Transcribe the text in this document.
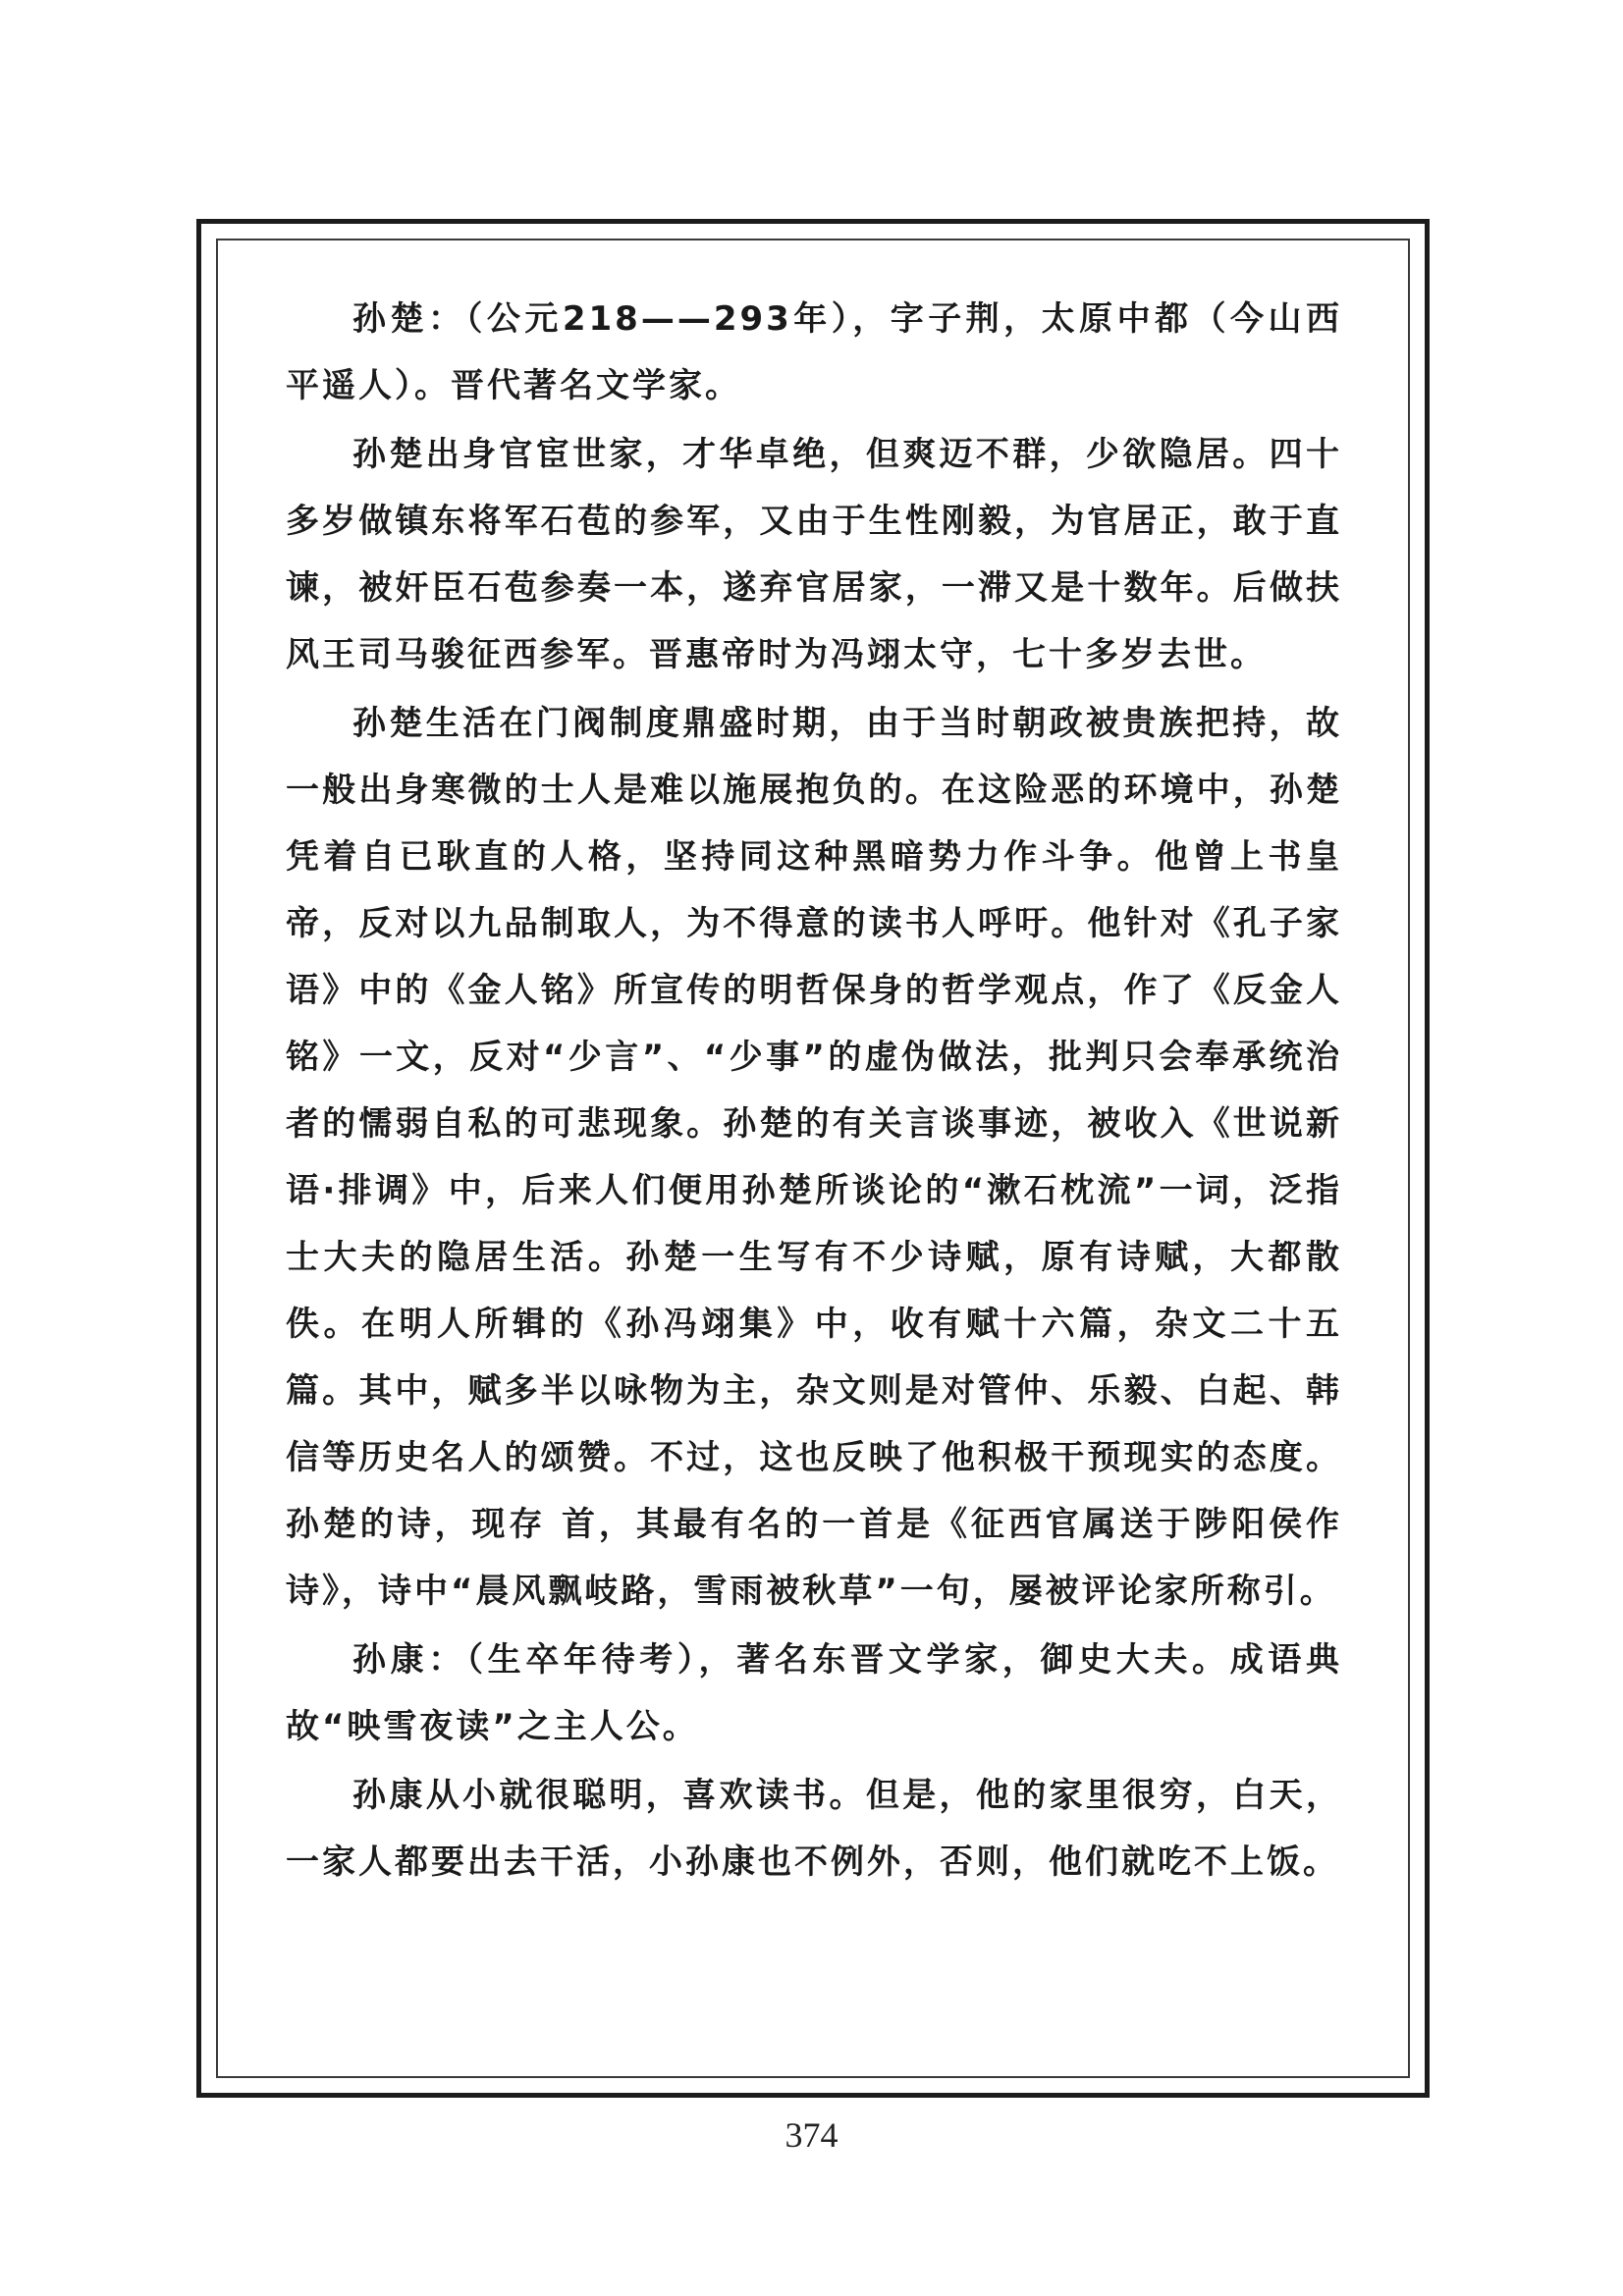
孙楚：（公元218——293年），字子荆，太原中都（今山西平遥人）。晋代著名文学家。

孙楚出身官宦世家，才华卓绝，但爽迈不群，少欲隐居。四十多岁做镇东将军石苞的参军，又由于生性刚毅，为官居正，敢于直谏，被奸臣石苞参奏一本，遂弃官居家，一滞又是十数年。后做扶风王司马骏征西参军。晋惠帝时为冯翊太守，七十多岁去世。

孙楚生活在门阀制度鼎盛时期，由于当时朝政被贵族把持，故一般出身寒微的士人是难以施展抱负的。在这险恶的环境中，孙楚凭着自已耿直的人格，坚持同这种黑暗势力作斗争。他曾上书皇帝，反对以九品制取人，为不得意的读书人呼吁。他针对《孔子家语》中的《金人铭》所宣传的明哲保身的哲学观点，作了《反金人铭》一文，反对“少言”、“少事”的虚伪做法，批判只会奉承统治者的懦弱自私的可悲现象。孙楚的有关言谈事迹，被收入《世说新语·排调》中，后来人们便用孙楚所谈论的“漱石枕流”一词，泛指士大夫的隐居生活。孙楚一生写有不少诗赋，原有诗赋，大都散佚。在明人所辑的《孙冯翊集》中，收有赋十六篇，杂文二十五篇。其中，赋多半以咏物为主，杂文则是对管仲、乐毅、白起、韩信等历史名人的颂赞。不过，这也反映了他积极干预现实的态度。孙楚的诗，现存 首，其最有名的一首是《征西官属送于陟阳侯作诗》，诗中“晨风飘岐路，雪雨被秋草”一句，屡被评论家所称引。

孙康：（生卒年待考），著名东晋文学家，御史大夫。成语典故“映雪夜读”之主人公。

孙康从小就很聪明，喜欢读书。但是，他的家里很穷，白天，一家人都要出去干活，小孙康也不例外，否则，他们就吃不上饭。

374
